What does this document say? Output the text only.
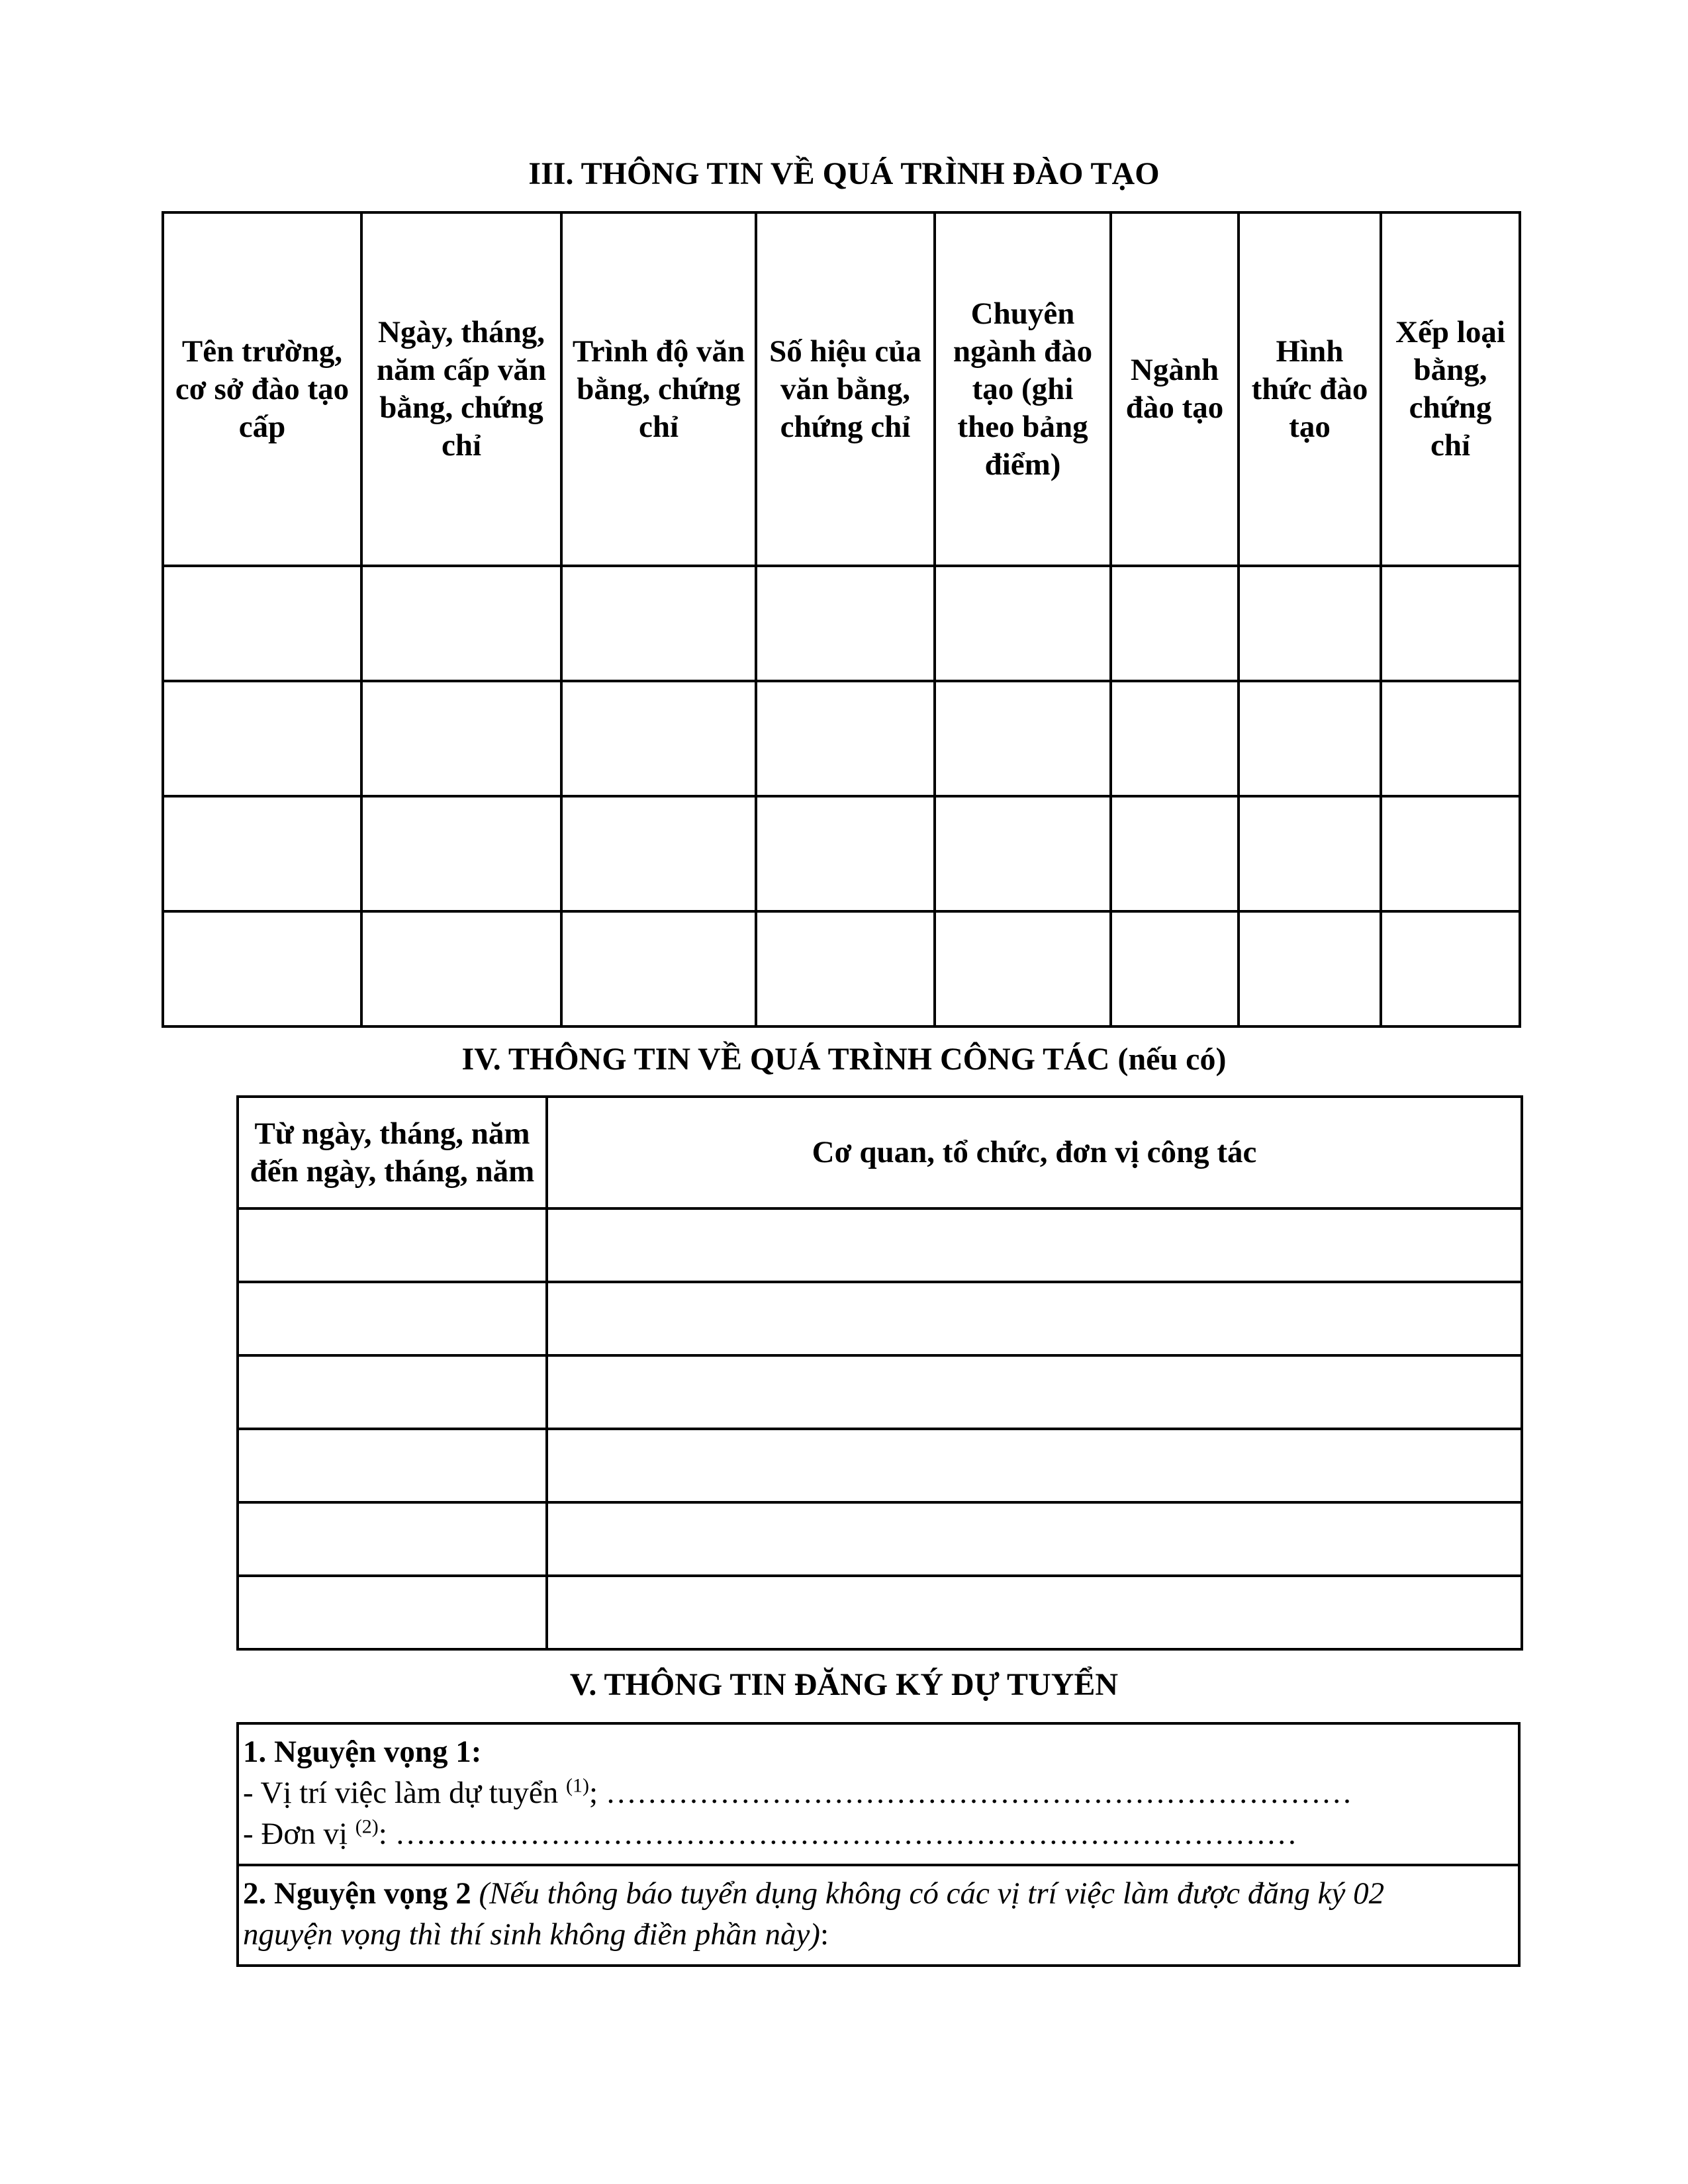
III. THÔNG TIN VỀ QUÁ TRÌNH ĐÀO TẠO
Tên trường,
cơ sở đào tạo
cấp	Ngày, tháng,
năm cấp văn
bằng, chứng
chỉ	Trình độ văn
bằng, chứng
chỉ	Số hiệu của
văn bằng,
chứng chỉ	Chuyên
ngành đào
tạo (ghi
theo bảng
điểm)	Ngành
đào tạo	Hình
thức đào
tạo	Xếp loại
bằng,
chứng
chỉ

IV. THÔNG TIN VỀ QUÁ TRÌNH CÔNG TÁC (nếu có)
Từ ngày, tháng, năm
đến ngày, tháng, năm	Cơ quan, tổ chức, đơn vị công tác

V. THÔNG TIN ĐĂNG KÝ DỰ TUYỂN
1. Nguyện vọng 1:
- Vị trí việc làm dự tuyển $^{(1)}$; ………………………………………………………………
- Đơn vị $^{(2)}$: ……………………………………………………………………………

2. Nguyện vọng 2 (Nếu thông báo tuyển dụng không có các vị trí việc làm được đăng ký 02
nguyện vọng thì thí sinh không điền phần này):
